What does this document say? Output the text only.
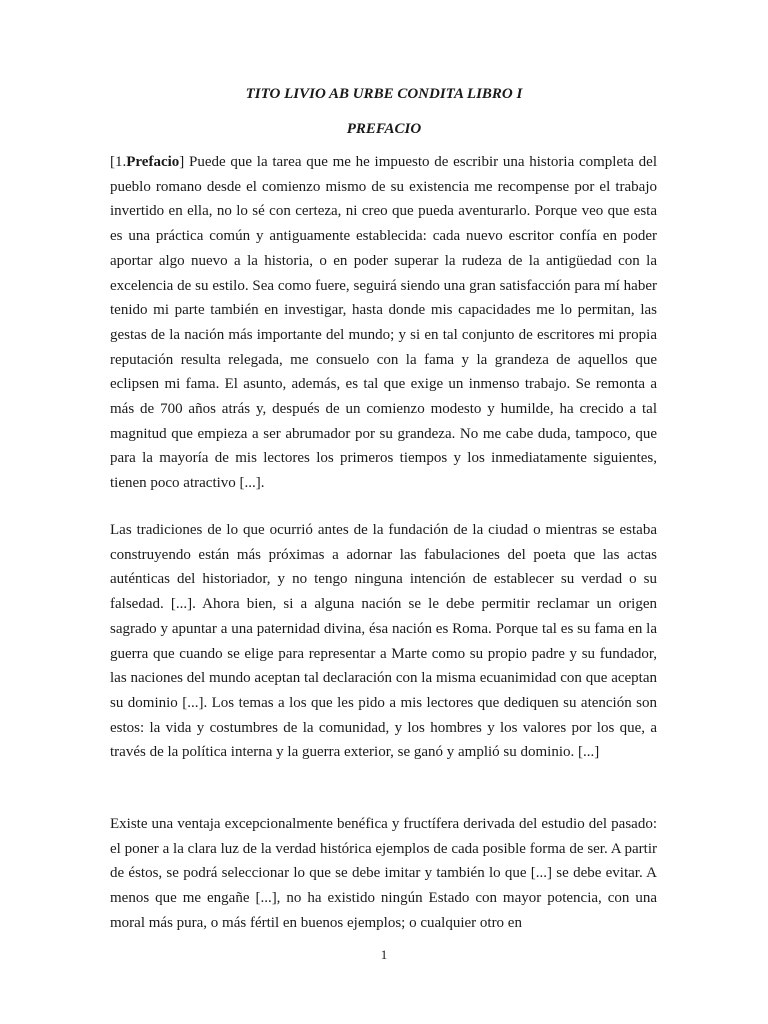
TITO LIVIO AB URBE CONDITA LIBRO I

PREFACIO

[1.Prefacio] Puede que la tarea que me he impuesto de escribir una historia completa del pueblo romano desde el comienzo mismo de su existencia me recompense por el trabajo invertido en ella, no lo sé con certeza, ni creo que pueda aventurarlo. Porque veo que esta es una práctica común y antiguamente establecida: cada nuevo escritor confía en poder aportar algo nuevo a la historia, o en poder superar la rudeza de la antigüedad con la excelencia de su estilo. Sea como fuere, seguirá siendo una gran satisfacción para mí haber tenido mi parte también en investigar, hasta donde mis capacidades me lo permitan, las gestas de la nación más importante del mundo; y si en tal conjunto de escritores mi propia reputación resulta relegada, me consuelo con la fama y la grandeza de aquellos que eclipsen mi fama. El asunto, además, es tal que exige un inmenso trabajo. Se remonta a más de 700 años atrás y, después de un comienzo modesto y humilde, ha crecido a tal magnitud que empieza a ser abrumador por su grandeza. No me cabe duda, tampoco, que para la mayoría de mis lectores los primeros tiempos y los inmediatamente siguientes, tienen poco atractivo [...].

Las tradiciones de lo que ocurrió antes de la fundación de la ciudad o mientras se estaba construyendo están más próximas a adornar las fabulaciones del poeta que las actas auténticas del historiador, y no tengo ninguna intención de establecer su verdad o su falsedad. [...]. Ahora bien, si a alguna nación se le debe permitir reclamar un origen sagrado y apuntar a una paternidad divina, ésa nación es Roma. Porque tal es su fama en la guerra que cuando se elige para representar a Marte como su propio padre y su fundador, las naciones del mundo aceptan tal declaración con la misma ecuanimidad con que aceptan su dominio [...]. Los temas a los que les pido a mis lectores que dediquen su atención son estos: la vida y costumbres de la comunidad, y los hombres y los valores por los que, a través de la política interna y la guerra exterior, se ganó y amplió su dominio. [...]

Existe una ventaja excepcionalmente benéfica y fructífera derivada del estudio del pasado: el poner a la clara luz de la verdad histórica ejemplos de cada posible forma de ser. A partir de éstos, se podrá seleccionar lo que se debe imitar y también lo que [...] se debe evitar. A menos que me engañe [...], no ha existido ningún Estado con mayor potencia, con una moral más pura, o más fértil en buenos ejemplos; o cualquier otro en

1
